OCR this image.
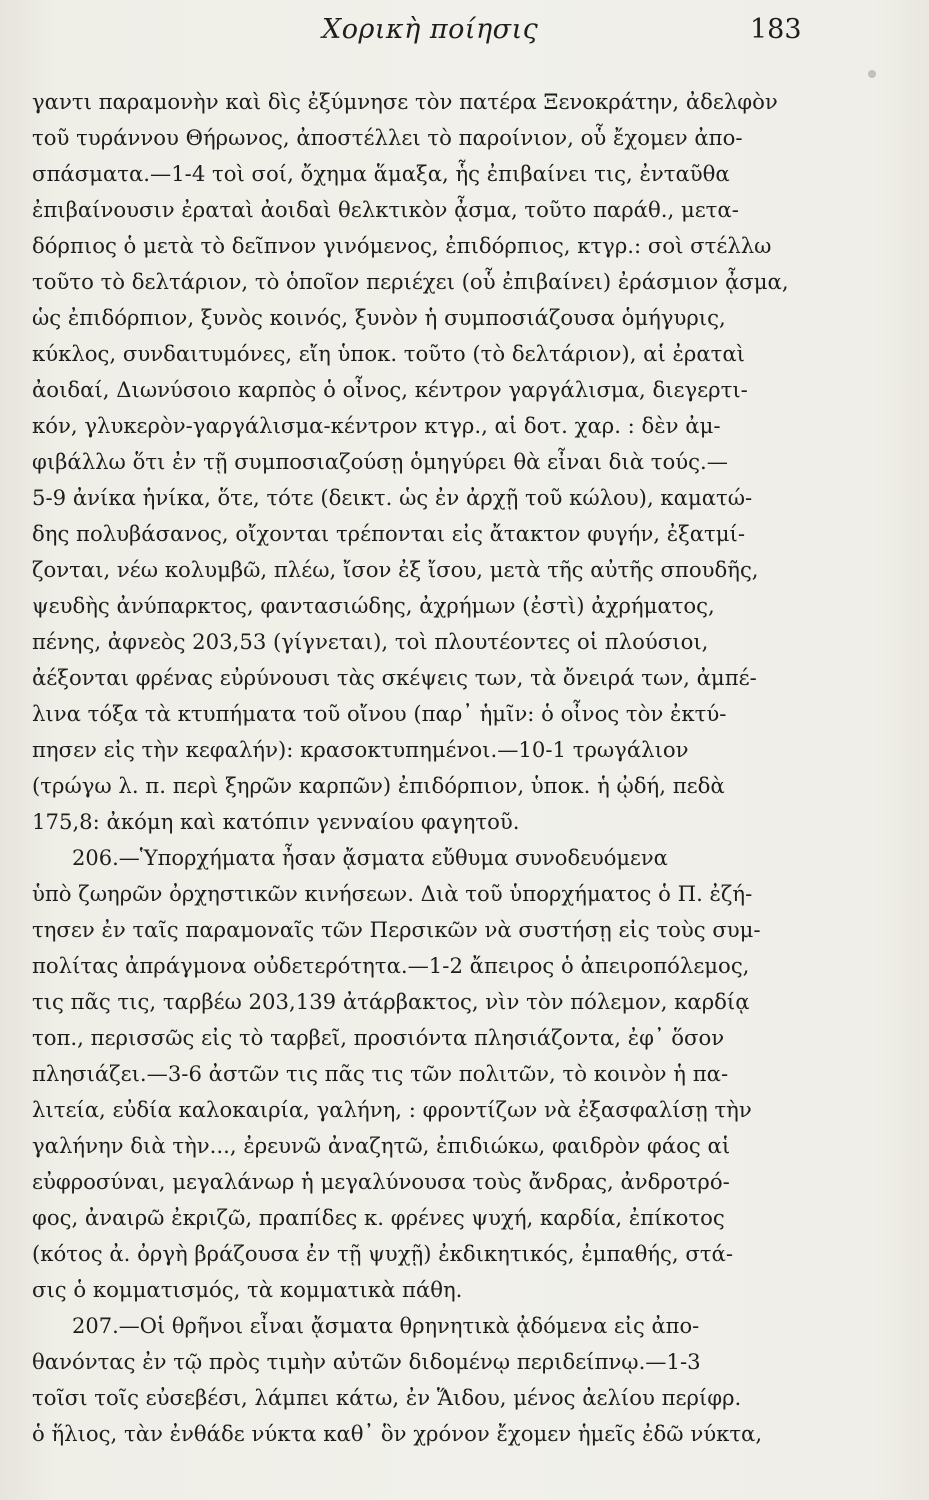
Χορικὴ ποίησις	183
γαντι παραμονὴν καὶ δὶς ἐξύμνησε τὸν πατέρα Ξενοκράτην, ἀδελφὸν
τοῦ τυράννου Θήρωνος, ἀποστέλλει τὸ παροίνιον, οὗ ἔχομεν ἀπο-
σπάσματα.—1-4 τοὶ σοί, ὄχημα ἅμαξα, ἧς ἐπιβαίνει τις, ἐνταῦθα
ἐπιβαίνουσιν ἐραταὶ ἀοιδαὶ θελκτικὸν ᾆσμα, τοῦτο παράθ., μετα-
δόρπιος ὁ μετὰ τὸ δεῖπνον γινόμενος, ἐπιδόρπιος, κτγρ.: σοὶ στέλλω
τοῦτο τὸ δελτάριον, τὸ ὁποῖον περιέχει (οὗ ἐπιβαίνει) ἐράσμιον ᾆσμα,
ὡς ἐπιδόρπιον, ξυνὸς κοινός, ξυνὸν ἡ συμποσιάζουσα ὁμήγυρις,
κύκλος, συνδαιτυμόνες, εἴη ὑποκ. τοῦτο (τὸ δελτάριον), αἱ ἐραταὶ
ἀοιδαί, Διωνύσοιο καρπὸς ὁ οἶνος, κέντρον γαργάλισμα, διεγερτι-
κόν, γλυκερὸν-γαργάλισμα-κέντρον κτγρ., αἱ δοτ. χαρ. : δὲν ἀμ-
φιβάλλω ὅτι ἐν τῇ συμποσιαζούσῃ ὁμηγύρει θὰ εἶναι διὰ τούς.—
5-9 ἀνίκα ἡνίκα, ὅτε, τότε (δεικτ. ὡς ἐν ἀρχῇ τοῦ κώλου), καματώ-
δης πολυβάσανος, οἴχονται τρέπονται εἰς ἄτακτον φυγήν, ἐξατμί-
ζονται, νέω κολυμβῶ, πλέω, ἴσον ἐξ ἴσου, μετὰ τῆς αὐτῆς σπουδῆς,
ψευδὴς ἀνύπαρκτος, φαντασιώδης, ἀχρήμων (ἐστὶ) ἀχρήματος,
πένης, ἀφνεὸς 203,53 (γίγνεται), τοὶ πλουτέοντες οἱ πλούσιοι,
ἀέξονται φρένας εὐρύνουσι τὰς σκέψεις των, τὰ ὄνειρά των, ἀμπέ-
λινα τόξα τὰ κτυπήματα τοῦ οἴνου (παρ᾽ ἡμῖν: ὁ οἶνος τὸν ἐκτύ-
πησεν εἰς τὴν κεφαλήν): κρασοκτυπημένοι.—10-1 τρωγάλιον
(τρώγω λ. π. περὶ ξηρῶν καρπῶν) ἐπιδόρπιον, ὑποκ. ἡ ᾠδή, πεδὰ
175,8: ἀκόμη καὶ κατόπιν γενναίου φαγητοῦ.
206.—Ὑπορχήματα ἦσαν ᾄσματα εὔθυμα συνοδευόμενα
ὑπὸ ζωηρῶν ὀρχηστικῶν κινήσεων. Διὰ τοῦ ὑπορχήματος ὁ Π. ἐζή-
τησεν ἐν ταῖς παραμοναῖς τῶν Περσικῶν νὰ συστήσῃ εἰς τοὺς συμ-
πολίτας ἀπράγμονα οὐδετερότητα.—1-2 ἄπειρος ὁ ἀπειροπόλεμος,
τις πᾶς τις, ταρβέω 203,139 ἀτάρβακτος, νὶν τὸν πόλεμον, καρδίᾳ
τοπ., περισσῶς εἰς τὸ ταρβεῖ, προσιόντα πλησιάζοντα, ἐφ᾽ ὅσον
πλησιάζει.—3-6 ἀστῶν τις πᾶς τις τῶν πολιτῶν, τὸ κοινὸν ἡ πα-
λιτεία, εὐδία καλοκαιρία, γαλήνη, : φροντίζων νὰ ἐξασφαλίσῃ τὴν
γαλήνην διὰ τὴν..., ἐρευνῶ ἀναζητῶ, ἐπιδιώκω, φαιδρὸν φάος αἱ
εὐφροσύναι, μεγαλάνωρ ἡ μεγαλύνουσα τοὺς ἄνδρας, ἀνδροτρό-
φος, ἀναιρῶ ἐκριζῶ, πραπίδες κ. φρένες ψυχή, καρδία, ἐπίκοτος
(κότος ἀ. ὀργὴ βράζουσα ἐν τῇ ψυχῇ) ἐκδικητικός, ἐμπαθής, στά-
σις ὁ κομματισμός, τὰ κομματικὰ πάθη.
207.—Οἱ θρῆνοι εἶναι ᾄσματα θρηνητικὰ ᾀδόμενα εἰς ἀπο-
θανόντας ἐν τῷ πρὸς τιμὴν αὐτῶν διδομένῳ περιδείπνῳ.—1-3
τοῖσι τοῖς εὐσεβέσι, λάμπει κάτω, ἐν Ἅιδου, μένος ἀελίου περίφρ.
ὁ ἥλιος, τὰν ἐνθάδε νύκτα καθ᾽ ὃν χρόνον ἔχομεν ἡμεῖς ἐδῶ νύκτα,
